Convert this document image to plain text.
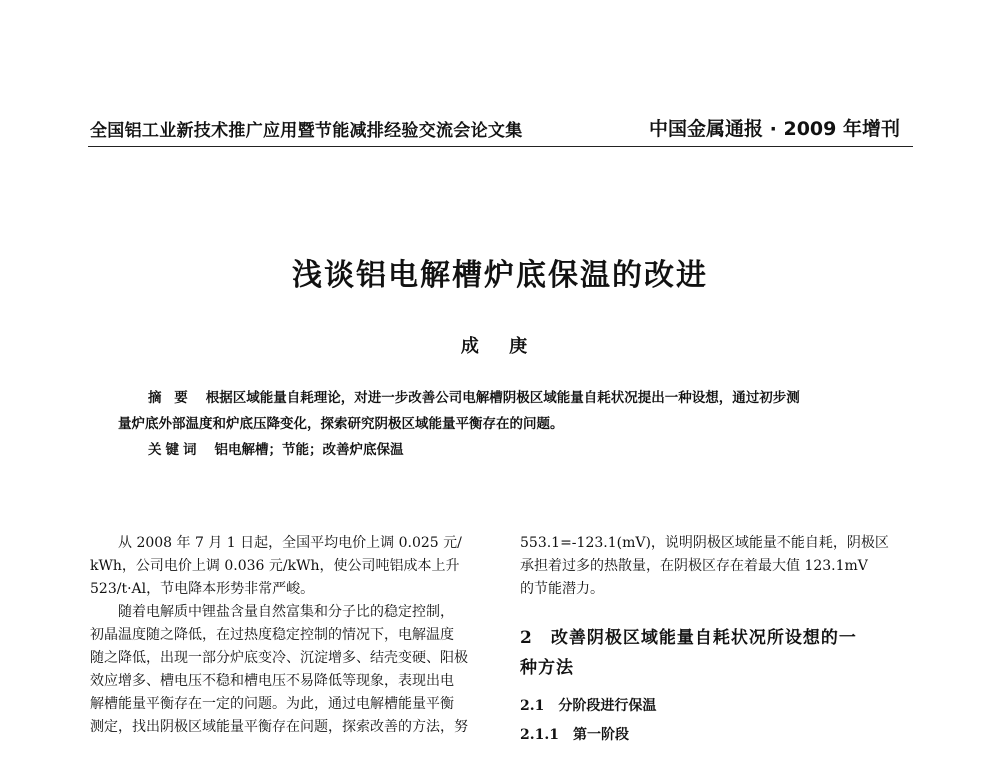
全国铝工业新技术推广应用暨节能减排经验交流会论文集	中国金属通报 · 2009 年增刊
浅谈铝电解槽炉底保温的改进
成 庚
摘 要 根据区域能量自耗理论，对进一步改善公司电解槽阴极区域能量自耗状况提出一种设想，通过初步测
量炉底外部温度和炉底压降变化，探索研究阴极区域能量平衡存在的问题。
关键词 铝电解槽；节能；改善炉底保温

从 2008 年 7 月 1 日起，全国平均电价上调 0.025 元/

kWh，公司电价上调 0.036 元/kWh，使公司吨铝成本上升

523/t·Al，节电降本形势非常严峻。

随着电解质中锂盐含量自然富集和分子比的稳定控制，

初晶温度随之降低，在过热度稳定控制的情况下，电解温度

随之降低，出现一部分炉底变冷、沉淀增多、结壳变硬、阳极

效应增多、槽电压不稳和槽电压不易降低等现象，表现出电

解槽能量平衡存在一定的问题。为此，通过电解槽能量平衡

测定，找出阴极区域能量平衡存在问题，探索改善的方法，努

553.1=-123.1(mV)，说明阴极区域能量不能自耗，阴极区

承担着过多的热散量，在阴极区存在着最大值 123.1mV

的节能潜力。

2　改善阴极区域能量自耗状况所设想的一
种方法
2.1　分阶段进行保温
2.1.1　第一阶段
